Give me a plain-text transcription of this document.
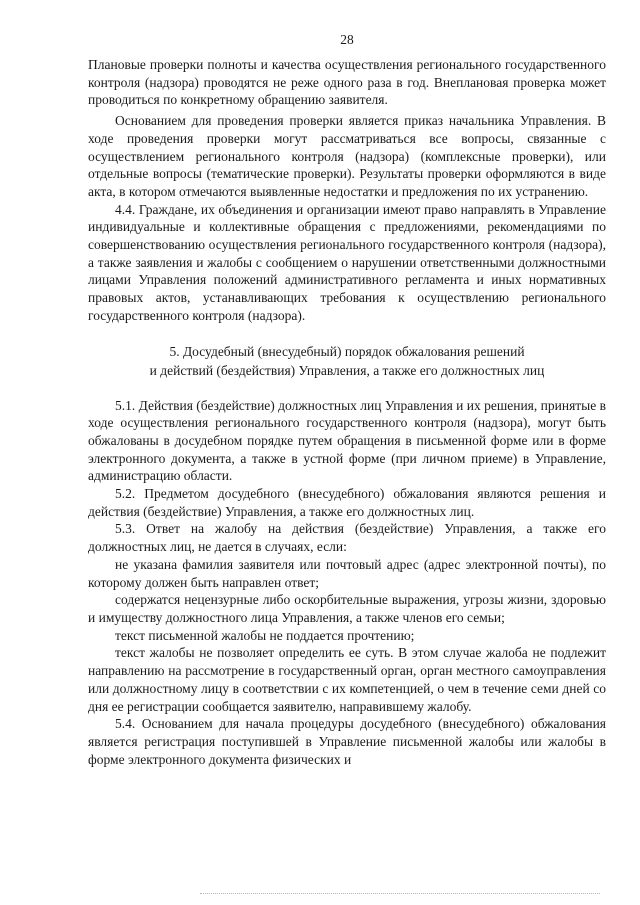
28

Плановые проверки полноты и качества осуществления регионального государственного контроля (надзора) проводятся не реже одного раза в год. Внеплановая проверка может проводиться по конкретному обращению заявителя.

Основанием для проведения проверки является приказ начальника Управления. В ходе проведения проверки могут рассматриваться все вопросы, связанные с осуществлением регионального контроля (надзора) (комплексные проверки), или отдельные вопросы (тематические проверки). Результаты проверки оформляются в виде акта, в котором отмечаются выявленные недостатки и предложения по их устранению.

4.4. Граждане, их объединения и организации имеют право направлять в Управление индивидуальные и коллективные обращения с предложениями, рекомендациями по совершенствованию осуществления регионального государственного контроля (надзора), а также заявления и жалобы с сообщением о нарушении ответственными должностными лицами Управления положений административного регламента и иных нормативных правовых актов, устанавливающих требования к осуществлению регионального государственного контроля (надзора).

5. Досудебный (внесудебный) порядок обжалования решений
и действий (бездействия) Управления, а также его должностных лиц

5.1. Действия (бездействие) должностных лиц Управления и их решения, принятые в ходе осуществления регионального государственного контроля (надзора), могут быть обжалованы в досудебном порядке путем обращения в письменной форме или в форме электронного документа, а также в устной форме (при личном приеме) в Управление, администрацию области.

5.2. Предметом досудебного (внесудебного) обжалования являются решения и действия (бездействие) Управления, а также его должностных лиц.

5.3. Ответ на жалобу на действия (бездействие) Управления, а также его должностных лиц, не дается в случаях, если:

не указана фамилия заявителя или почтовый адрес (адрес электронной почты), по которому должен быть направлен ответ;

содержатся нецензурные либо оскорбительные выражения, угрозы жизни, здоровью и имуществу должностного лица Управления, а также членов его семьи;

текст письменной жалобы не поддается прочтению;

текст жалобы не позволяет определить ее суть. В этом случае жалоба не подлежит направлению на рассмотрение в государственный орган, орган местного самоуправления или должностному лицу в соответствии с их компетенцией, о чем в течение семи дней со дня ее регистрации сообщается заявителю, направившему жалобу.

5.4. Основанием для начала процедуры досудебного (внесудебного) обжалования является регистрация поступившей в Управление письменной жалобы или жалобы в форме электронного документа физических и
